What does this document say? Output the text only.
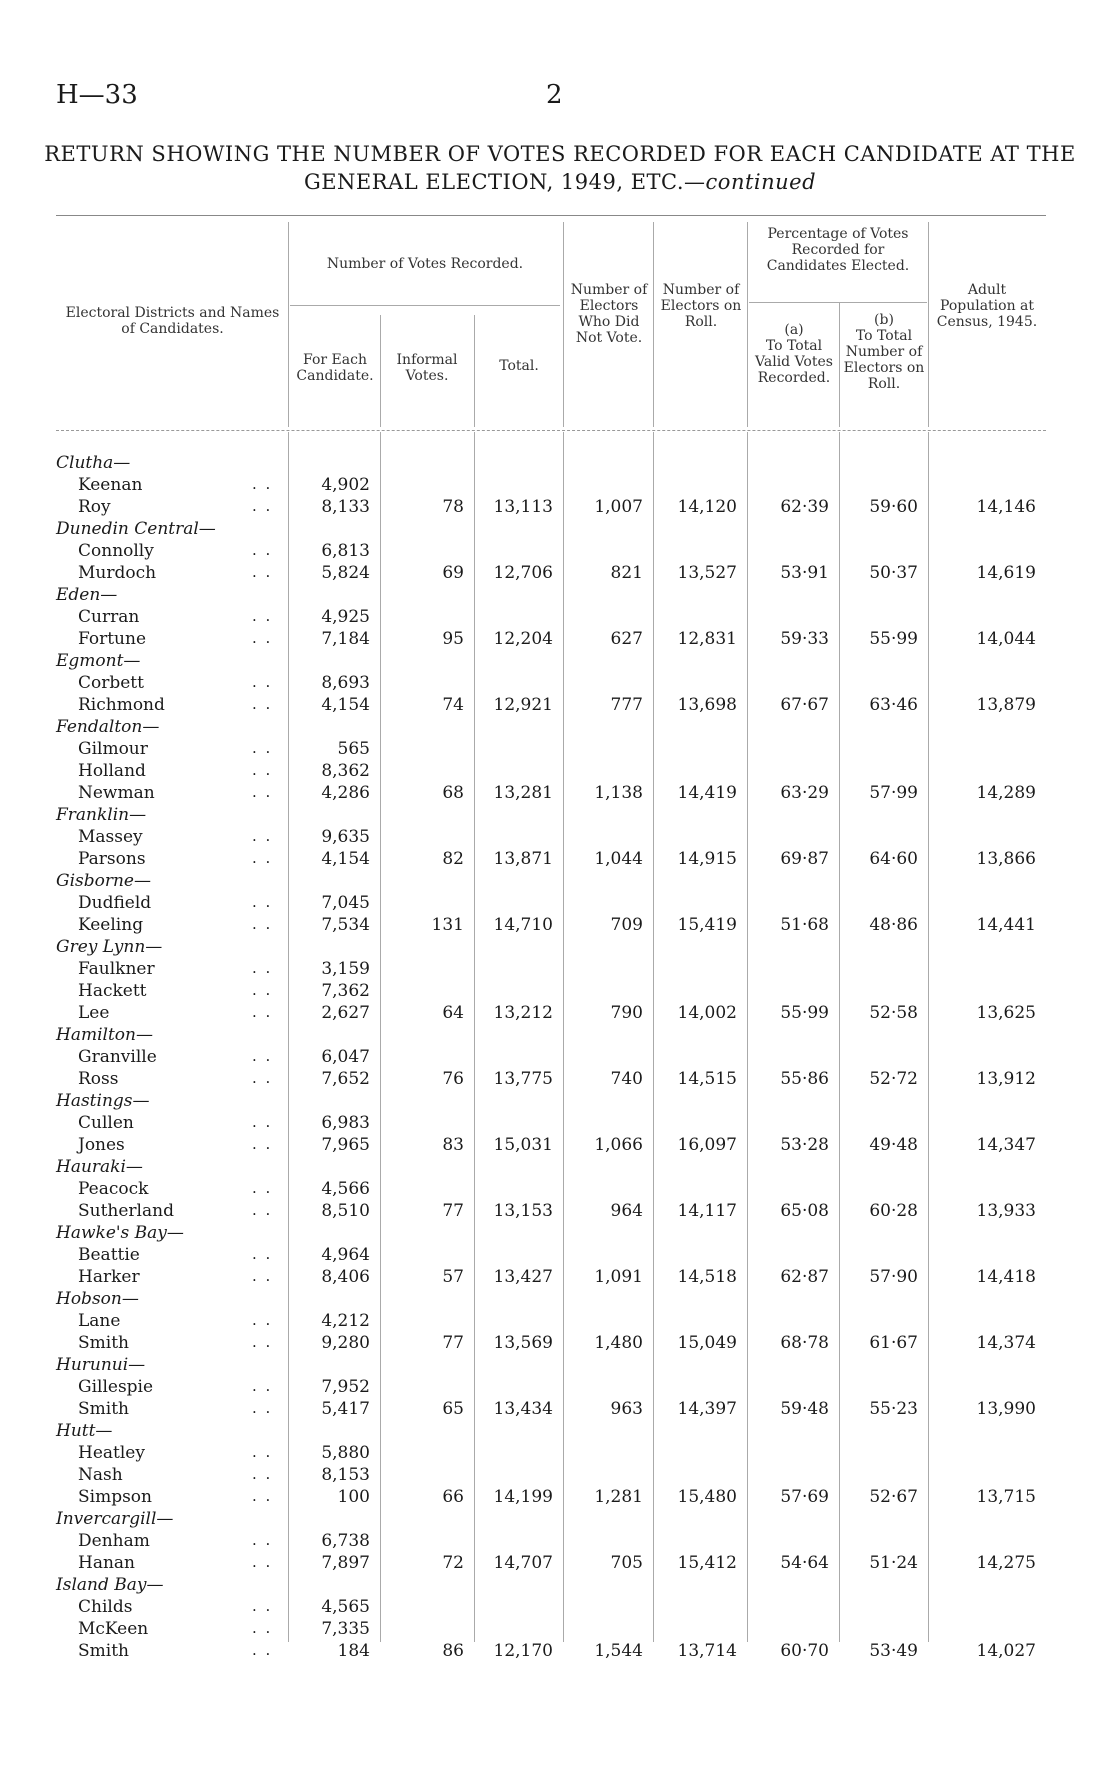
H—33	2
RETURN SHOWING THE NUMBER OF VOTES RECORDED FOR EACH CANDIDATE AT THE
GENERAL ELECTION, 1949, ETC.—continued
Electoral Districts and Names of Candidates.
Number of Votes Recorded.
For Each Candidate.
Informal Votes.
Total.
Number of Electors Who Did Not Vote.
Number of Electors on Roll.
Percentage of Votes Recorded for Candidates Elected.
(a)
To Total Valid Votes Recorded.
(b)
To Total Number of Electors on Roll.
Adult Population at Census, 1945.
Clutha—
Keenan	. .	4,902
Roy	. .	8,133	78	13,113	1,007	14,120	62·39	59·60	14,146
Dunedin Central—
Connolly	. .	6,813
Murdoch	. .	5,824	69	12,706	821	13,527	53·91	50·37	14,619
Eden—
Curran	. .	4,925
Fortune	. .	7,184	95	12,204	627	12,831	59·33	55·99	14,044
Egmont—
Corbett	. .	8,693
Richmond	. .	4,154	74	12,921	777	13,698	67·67	63·46	13,879
Fendalton—
Gilmour	. .	565
Holland	. .	8,362
Newman	. .	4,286	68	13,281	1,138	14,419	63·29	57·99	14,289
Franklin—
Massey	. .	9,635
Parsons	. .	4,154	82	13,871	1,044	14,915	69·87	64·60	13,866
Gisborne—
Dudfield	. .	7,045
Keeling	. .	7,534	131	14,710	709	15,419	51·68	48·86	14,441
Grey Lynn—
Faulkner	. .	3,159
Hackett	. .	7,362
Lee	. .	2,627	64	13,212	790	14,002	55·99	52·58	13,625
Hamilton—
Granville	. .	6,047
Ross	. .	7,652	76	13,775	740	14,515	55·86	52·72	13,912
Hastings—
Cullen	. .	6,983
Jones	. .	7,965	83	15,031	1,066	16,097	53·28	49·48	14,347
Hauraki—
Peacock	. .	4,566
Sutherland	. .	8,510	77	13,153	964	14,117	65·08	60·28	13,933
Hawke's Bay—
Beattie	. .	4,964
Harker	. .	8,406	57	13,427	1,091	14,518	62·87	57·90	14,418
Hobson—
Lane	. .	4,212
Smith	. .	9,280	77	13,569	1,480	15,049	68·78	61·67	14,374
Hurunui—
Gillespie	. .	7,952
Smith	. .	5,417	65	13,434	963	14,397	59·48	55·23	13,990
Hutt—
Heatley	. .	5,880
Nash	. .	8,153
Simpson	. .	100	66	14,199	1,281	15,480	57·69	52·67	13,715
Invercargill—
Denham	. .	6,738
Hanan	. .	7,897	72	14,707	705	15,412	54·64	51·24	14,275
Island Bay—
Childs	. .	4,565
McKeen	. .	7,335
Smith	. .	184	86	12,170	1,544	13,714	60·70	53·49	14,027
